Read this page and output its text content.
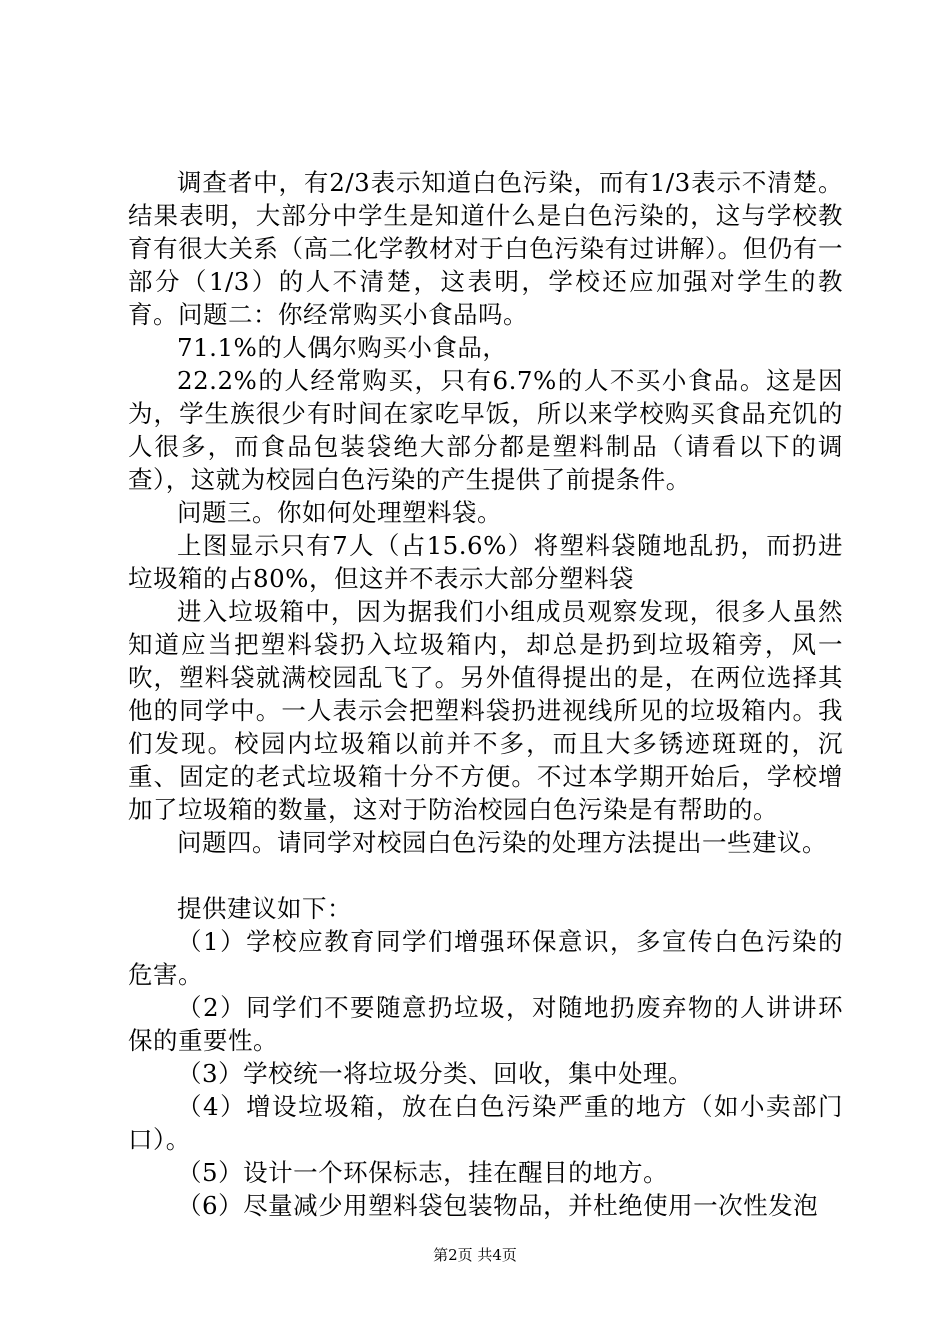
调查者中，有2/3表示知道白色污染，而有1/3表示不清楚。结果表明，大部分中学生是知道什么是白色污染的，这与学校教育有很大关系（高二化学教材对于白色污染有过讲解）。但仍有一部分（1/3）的人不清楚，这表明，学校还应加强对学生的教育。问题二：你经常购买小食品吗。

71.1%的人偶尔购买小食品，

22.2%的人经常购买，只有6.7%的人不买小食品。这是因为，学生族很少有时间在家吃早饭，所以来学校购买食品充饥的人很多，而食品包装袋绝大部分都是塑料制品（请看以下的调查），这就为校园白色污染的产生提供了前提条件。

问题三。你如何处理塑料袋。

上图显示只有7人（占15.6%）将塑料袋随地乱扔，而扔进垃圾箱的占80%，但这并不表示大部分塑料袋

进入垃圾箱中，因为据我们小组成员观察发现，很多人虽然知道应当把塑料袋扔入垃圾箱内，却总是扔到垃圾箱旁，风一吹，塑料袋就满校园乱飞了。另外值得提出的是，在两位选择其他的同学中。一人表示会把塑料袋扔进视线所见的垃圾箱内。我们发现。校园内垃圾箱以前并不多，而且大多锈迹斑斑的，沉重、固定的老式垃圾箱十分不方便。不过本学期开始后，学校增加了垃圾箱的数量，这对于防治校园白色污染是有帮助的。

问题四。请同学对校园白色污染的处理方法提出一些建议。

提供建议如下：

（1）学校应教育同学们增强环保意识，多宣传白色污染的危害。

（2）同学们不要随意扔垃圾，对随地扔废弃物的人讲讲环保的重要性。

（3）学校统一将垃圾分类、回收，集中处理。

（4）增设垃圾箱，放在白色污染严重的地方（如小卖部门口）。

（5）设计一个环保标志，挂在醒目的地方。

（6）尽量减少用塑料袋包装物品，并杜绝使用一次性发泡

第2页 共4页
